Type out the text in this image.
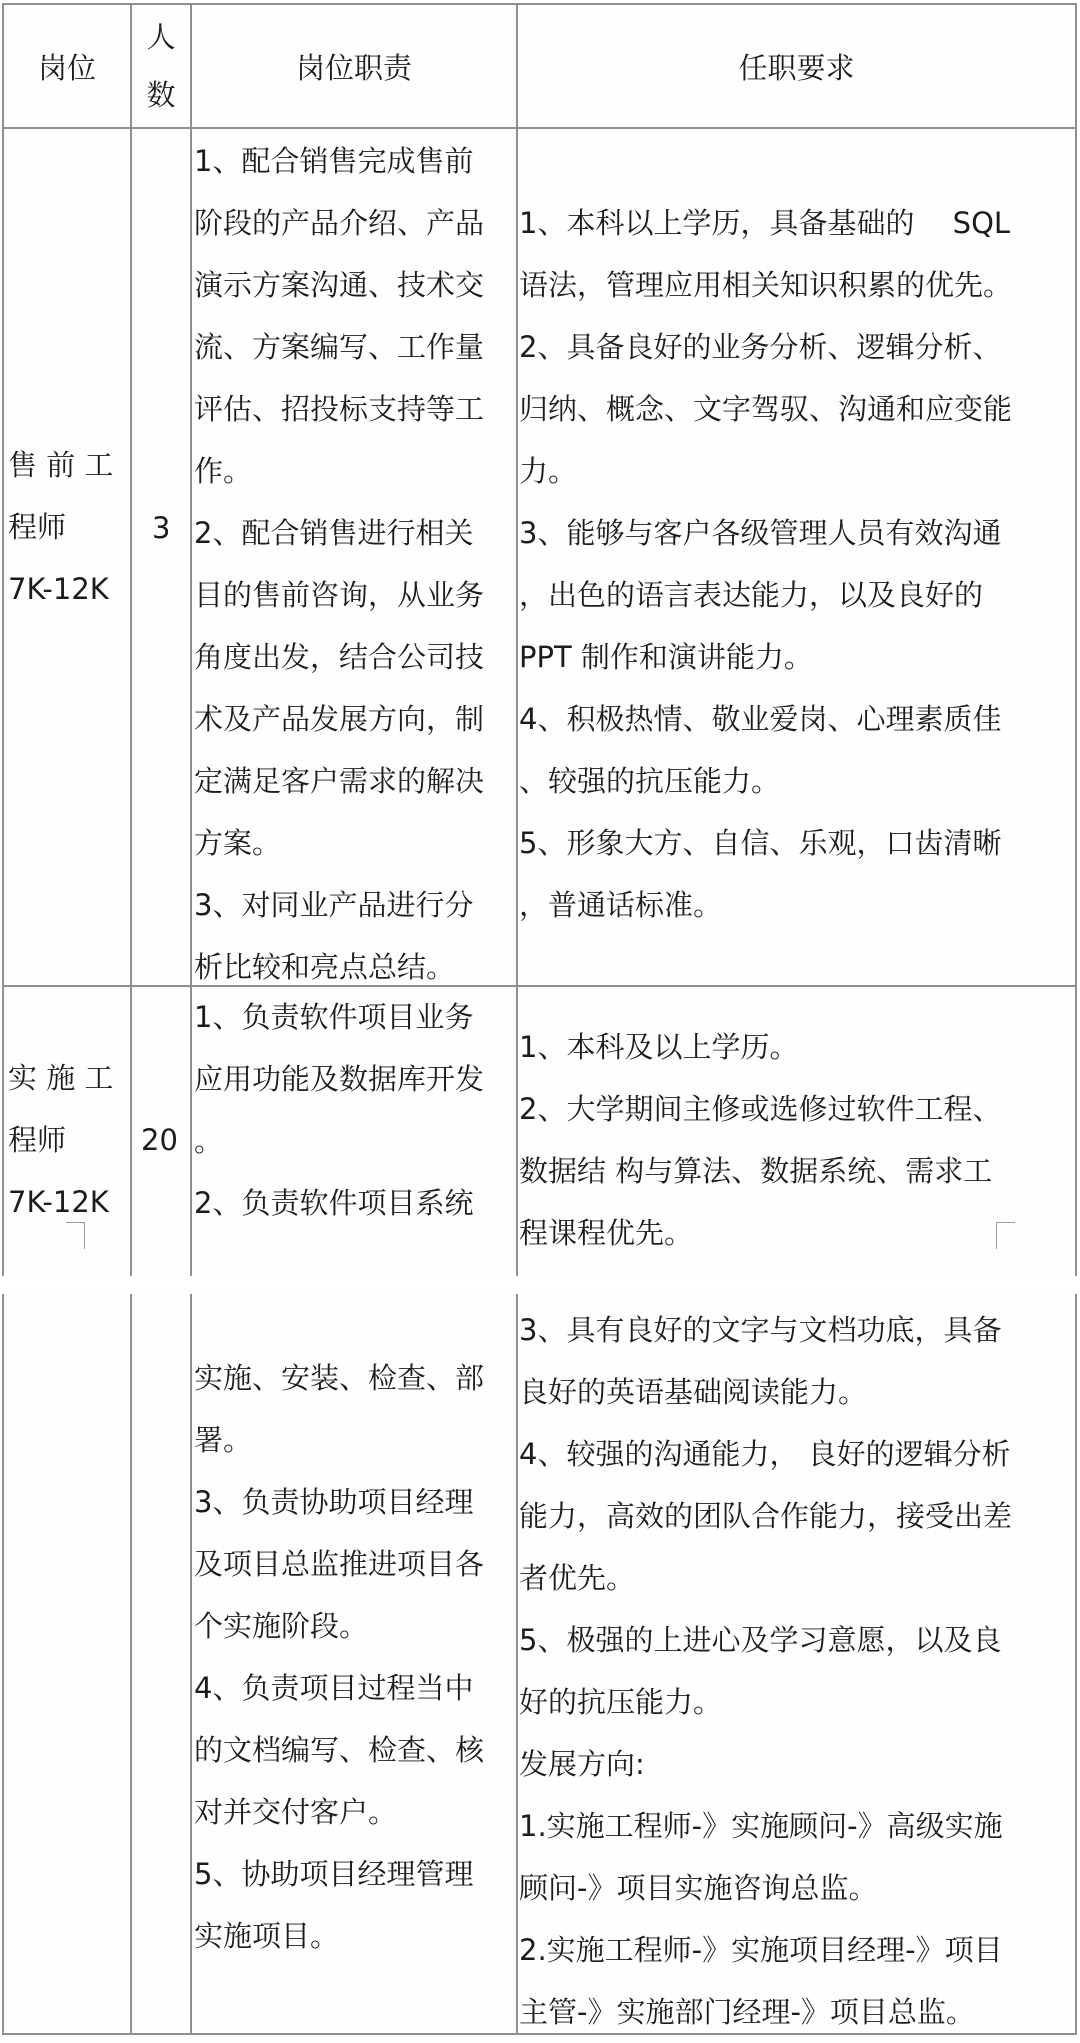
岗位
人
数
岗位职责	任职要求
售 前 工
程师
7K-12K
3
1、配合销售完成售前
阶段的产品介绍、产品
演示方案沟通、技术交
流、方案编写、工作量
评估、招投标支持等工
作。
2、配合销售进行相关
目的售前咨询，从业务
角度出发，结合公司技
术及产品发展方向，制
定满足客户需求的解决
方案。
3、对同业产品进行分
析比较和亮点总结。
1、本科以上学历，具备基础的　 SQL
语法，管理应用相关知识积累的优先。
2、具备良好的业务分析、逻辑分析、
归纳、概念、文字驾驭、沟通和应变能
力。
3、能够与客户各级管理人员有效沟通
，出色的语言表达能力，以及良好的
PPT 制作和演讲能力。
4、积极热情、敬业爱岗、心理素质佳
、较强的抗压能力。
5、形象大方、自信、乐观，口齿清晰
，普通话标准。
实 施 工
程师
7K-12K
20
1、负责软件项目业务
应用功能及数据库开发
。
2、负责软件项目系统
1、本科及以上学历。
2、大学期间主修或选修过软件工程、
数据结 构与算法、数据系统、需求工
程课程优先。
实施、安装、检查、部
署。
3、负责协助项目经理
及项目总监推进项目各
个实施阶段。
4、负责项目过程当中
的文档编写、检查、核
对并交付客户。
5、协助项目经理管理
实施项目。
3、具有良好的文字与文档功底，具备
良好的英语基础阅读能力。
4、较强的沟通能力， 良好的逻辑分析
能力，高效的团队合作能力，接受出差
者优先。
5、极强的上进心及学习意愿，以及良
好的抗压能力。
发展方向:
1.实施工程师-》实施顾问-》高级实施
顾问-》项目实施咨询总监。
2.实施工程师-》实施项目经理-》项目
主管-》实施部门经理-》项目总监。
